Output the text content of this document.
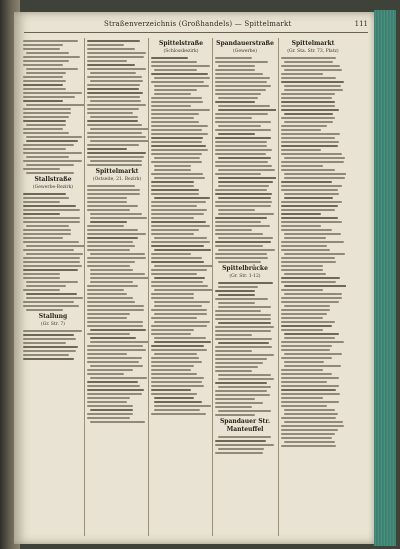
Straßenverzeichnis (Großhandels) — Spittelmarkt	111
Stallstraße
(Gewerbe-Bezirk)
Stallung
(Gr. Str. 7)
Spittelmarkt
(Ostseite, 21. Bezirk)
Spittelstraße
(Schlossbezirk)
Spandauerstraße
(Gewerbe)
Spittelbrücke
(Gr. Str. 1-12)
Spandauer Str. Manteuffel
Spittelmarkt
(Gr. Sta. Str. 73, Platz)
